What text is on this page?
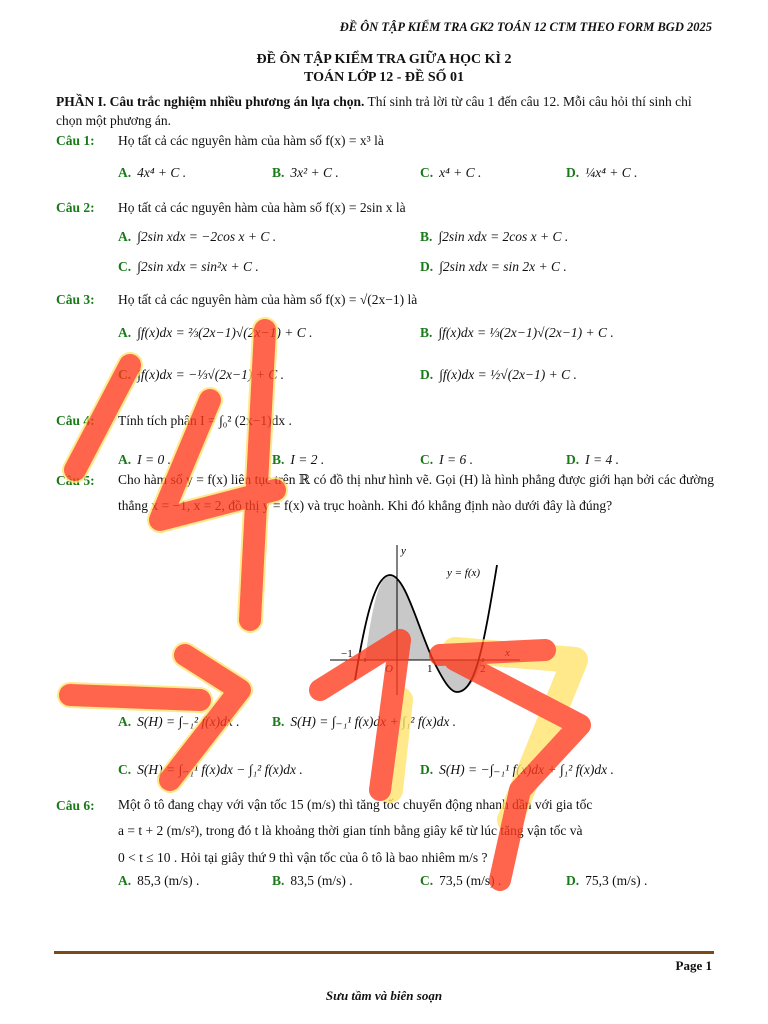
ĐỀ ÔN TẬP KIỂM TRA GK2 TOÁN 12 CTM THEO FORM BGD 2025
ĐỀ ÔN TẬP KIỂM TRA GIỮA HỌC KÌ 2
TOÁN LỚP 12 - ĐỀ SỐ 01
PHẦN I. Câu trắc nghiệm nhiều phương án lựa chọn. Thí sinh trả lời từ câu 1 đến câu 12. Mỗi câu hỏi thí sinh chỉ chọn một phương án.
Câu 1: Họ tất cả các nguyên hàm của hàm số f(x) = x³ là
A. 4x⁴ + C .	B. 3x² + C .	C. x⁴ + C .	D. ¼x⁴ + C .
Câu 2: Họ tất cả các nguyên hàm của hàm số f(x) = 2sin x là
A. ∫2sin xdx = −2cos x + C .	B. ∫2sin xdx = 2cos x + C .
C. ∫2sin xdx = sin²x + C .	D. ∫2sin xdx = sin 2x + C .
Câu 3: Họ tất cả các nguyên hàm của hàm số f(x) = √(2x−1) là
A. ∫f(x)dx = ⅔(2x−1)√(2x−1) + C .	B. ∫f(x)dx = ⅓(2x−1)√(2x−1) + C .
C. ∫f(x)dx = −⅓√(2x−1) + C .	D. ∫f(x)dx = ½√(2x−1) + C .
Câu 4: Tính tích phân I = ∫₀² (2x−1)dx .
A. I = 0 .	B. I = 2 .	C. I = 6 .	D. I = 4 .
Câu 5:	Cho hàm số y = f(x) liên tục trên ℝ có đồ thị như hình vẽ. Gọi (H) là hình phẳng được giới hạn bởi các đường thẳng x = −1, x = 2, đồ thị y = f(x) và trục hoành. Khi đó khẳng định nào dưới đây là đúng?
y
x
y = f(x)
O
−1
1	2
A. S(H) = ∫₋₁² f(x)dx . B. S(H) = ∫₋₁¹ f(x)dx + ∫₁² f(x)dx .
C. S(H) = ∫₋₁¹ f(x)dx − ∫₁² f(x)dx .	D. S(H) = −∫₋₁¹ f(x)dx + ∫₁² f(x)dx .
Câu 6:	Một ô tô đang chạy với vận tốc 15 (m/s) thì tăng tốc chuyển động nhanh dần với gia tốc
a = t + 2 (m/s²), trong đó t là khoảng thời gian tính bằng giây kể từ lúc tăng vận tốc và
0 < t ≤ 10 . Hỏi tại giây thứ 9 thì vận tốc của ô tô là bao nhiêm m/s ?
A. 85,3 (m/s) .	B. 83,5 (m/s) .	C. 73,5 (m/s) .	D. 75,3 (m/s) .
Page 1
Sưu tầm và biên soạn
